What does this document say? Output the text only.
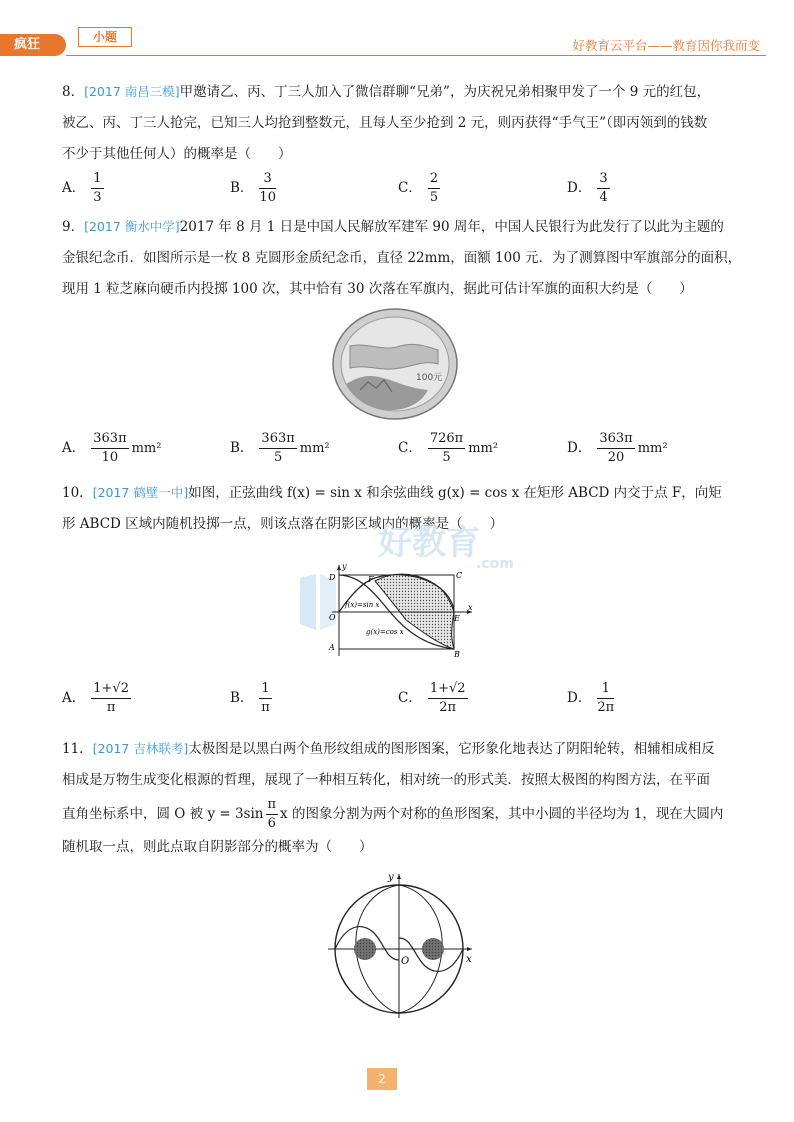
疯狂	小题
好教育云平台——教育因你我而变
8．[2017 南昌三模]甲邀请乙、丙、丁三人加入了微信群聊“兄弟”，为庆祝兄弟相聚甲发了一个 9 元的红包，
被乙、丙、丁三人抢完，已知三人均抢到整数元，且每人至少抢到 2 元，则丙获得“手气王”（即丙领到的钱数
不少于其他任何人）的概率是（　　）
A． $\frac{1}{3}$	B． $\frac{3}{10}$	C． $\frac{2}{5}$	D． $\frac{3}{4}$
9．[2017 衡水中学]2017 年 8 月 1 日是中国人民解放军建军 90 周年，中国人民银行为此发行了以此为主题的
金银纪念币．如图所示是一枚 8 克圆形金质纪念币，直径 22mm，面额 100 元．为了测算图中军旗部分的面积，
现用 1 粒芝麻向硬币内投掷 100 次，其中恰有 30 次落在军旗内，据此可估计军旗的面积大约是（　　）
100元
A． $\frac{363\pi}{10} mm^2$	B． $\frac{363\pi}{5} mm^2$	C． $\frac{726\pi}{5} mm^2$	D． $\frac{363\pi}{20} mm^2$
10．[2017 鹤壁一中]如图，正弦曲线 f(x) = sin x 和余弦曲线 g(x) = cos x 在矩形 ABCD 内交于点 F，向矩
形 ABCD 区域内随机投掷一点，则该点落在阴影区域内的概率是（　　）
好教育
.com
y
x
D	C
F
O	E
A
B
f(x)=sin x
g(x)=cos x
A． $\frac{1+√2}{\pi}$	B． $\frac{1}{\pi}$	C． $\frac{1+√2}{2\pi}$	D． $\frac{1}{2\pi}$
11．[2017 吉林联考]太极图是以黑白两个鱼形纹组成的图形图案，它形象化地表达了阴阳轮转，相辅相成相反
相成是万物生成变化根源的哲理，展现了一种相互转化，相对统一的形式美．按照太极图的构图方法，在平面
直角坐标系中，圆 O 被 $y = 3\sin \frac{\pi}{6}$ x 的图象分割为两个对称的鱼形图案，其中小圆的半径均为 1，现在大圆内
随机取一点，则此点取自阴影部分的概率为（　　）
y
x
O
2
